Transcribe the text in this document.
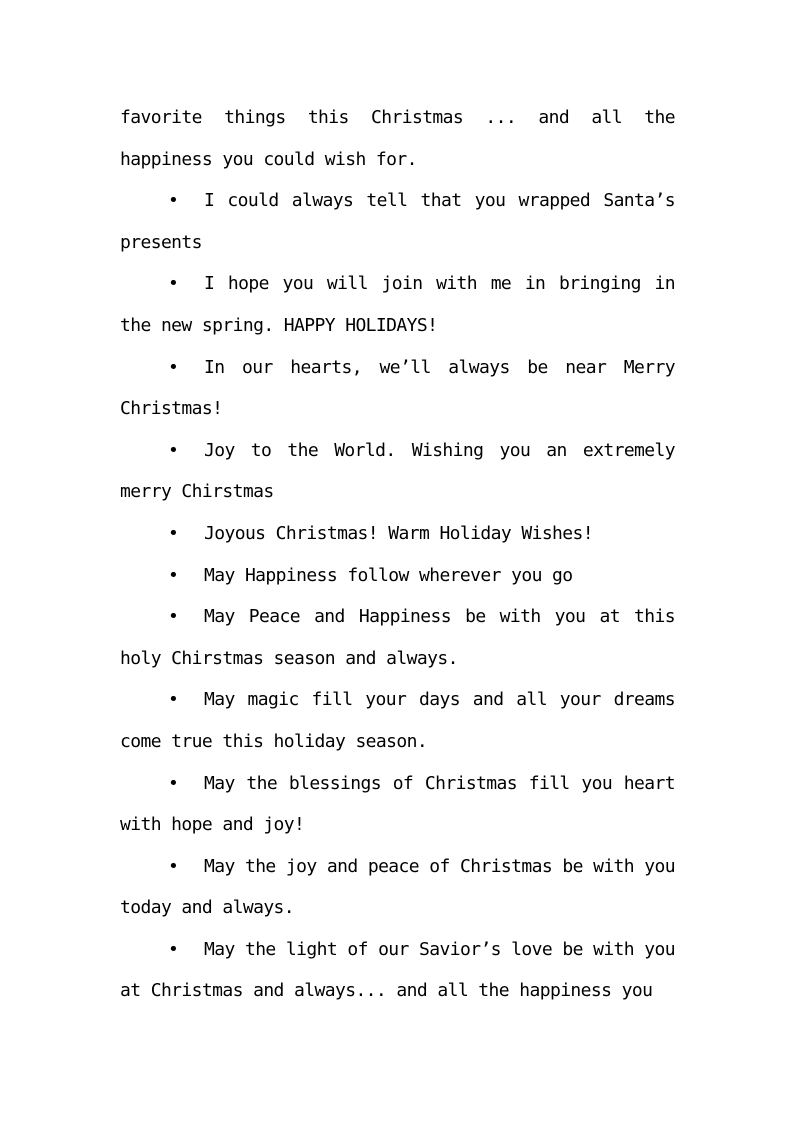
favorite things this Christmas ... and all the happiness you could wish for.

• I could always tell that you wrapped Santa’s presents

• I hope you will join with me in bringing in the new spring. HAPPY HOLIDAYS!

• In our hearts, we’ll always be near Merry Christmas!

• Joy to the World. Wishing you an extremely merry Chirstmas

• Joyous Christmas! Warm Holiday Wishes!

• May Happiness follow wherever you go

• May Peace and Happiness be with you at this holy Chirstmas season and always.

• May magic fill your days and all your dreams come true this holiday season.

• May the blessings of Christmas fill you heart with hope and joy!

• May the joy and peace of Christmas be with you today and always.

• May the light of our Savior’s love be with you at Christmas and always... and all the happiness you
